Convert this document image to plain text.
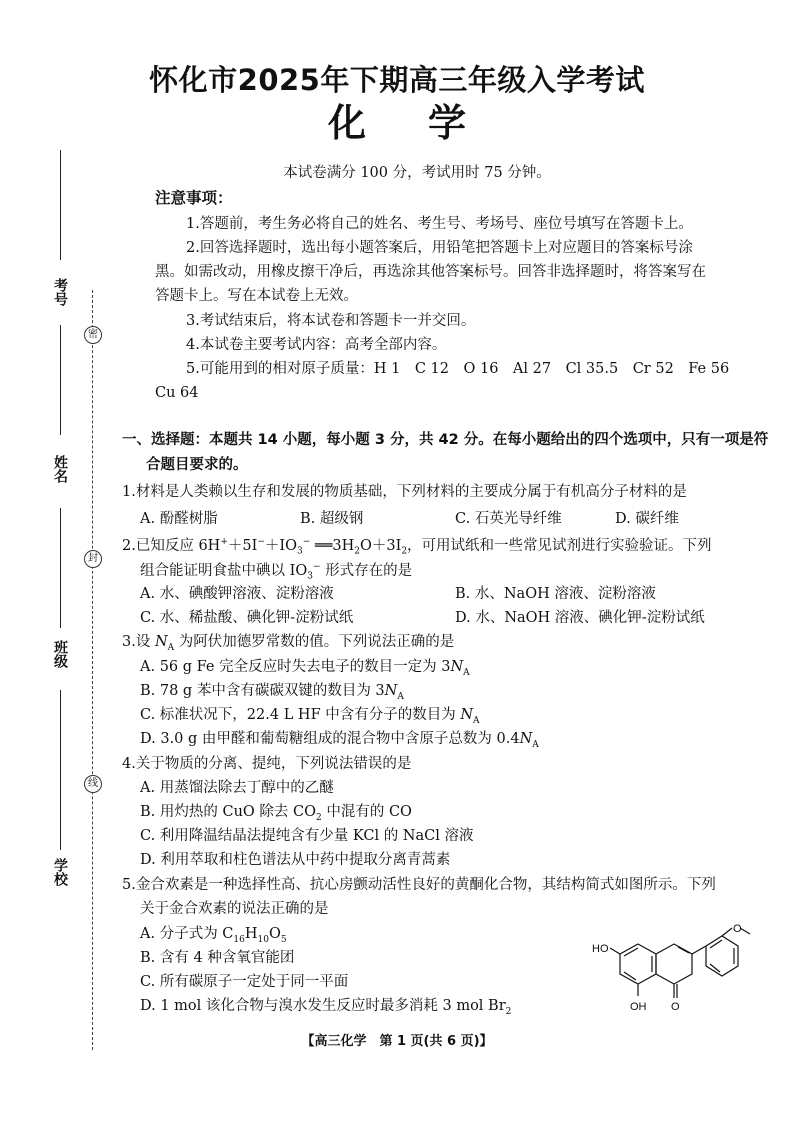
怀化市2025年下期高三年级入学考试
化学
考号
姓名
班级
学校
密
封
线
本试卷满分 100 分，考试用时 75 分钟。
注意事项：
1.答题前，考生务必将自己的姓名、考生号、考场号、座位号填写在答题卡上。
2.回答选择题时，选出每小题答案后，用铅笔把答题卡上对应题目的答案标号涂
黑。如需改动，用橡皮擦干净后，再选涂其他答案标号。回答非选择题时，将答案写在
答题卡上。写在本试卷上无效。
3.考试结束后，将本试卷和答题卡一并交回。
4.本试卷主要考试内容：高考全部内容。
5.可能用到的相对原子质量：H 1　C 12　O 16　Al 27　Cl 35.5　Cr 52　Fe 56
Cu 64
一、选择题：本题共 14 小题，每小题 3 分，共 42 分。在每小题给出的四个选项中，只有一项是符
合题目要求的。
1.材料是人类赖以生存和发展的物质基础，下列材料的主要成分属于有机高分子材料的是
A. 酚醛树脂	B. 超级钢	C. 石英光导纤维	D. 碳纤维
2.已知反应 $6H^++5I^-+IO_3^-$ $══3H_2O+3I_2$，可用试纸和一些常见试剂进行实验验证。下列
组合能证明食盐中碘以 $IO_3^-$ 形式存在的是
A. 水、碘酸钾溶液、淀粉溶液	B. 水、NaOH 溶液、淀粉溶液
C. 水、稀盐酸、碘化钾-淀粉试纸	D. 水、NaOH 溶液、碘化钾-淀粉试纸
3.设 $N_A$ 为阿伏加德罗常数的值。下列说法正确的是
A. 56 g Fe 完全反应时失去电子的数目一定为 $3N_A$
B. 78 g 苯中含有碳碳双键的数目为 $3N_A$
C. 标准状况下，22.4 L HF 中含有分子的数目为 $N_A$
D. 3.0 g 由甲醛和葡萄糖组成的混合物中含原子总数为 $0.4N_A$
4.关于物质的分离、提纯，下列说法错误的是
A. 用蒸馏法除去丁醇中的乙醚
B. 用灼热的 CuO 除去 $CO_2$ 中混有的 CO
C. 利用降温结晶法提纯含有少量 KCl 的 NaCl 溶液
D. 利用萃取和柱色谱法从中药中提取分离青蒿素
5.金合欢素是一种选择性高、抗心房颤动活性良好的黄酮化合物，其结构简式如图所示。下列
关于金合欢素的说法正确的是
A. 分子式为 $C_{16}H_{10}O_5$
B. 含有 4 种含氧官能团
C. 所有碳原子一定处于同一平面
D. 1 mol 该化合物与溴水发生反应时最多消耗 3 mol $Br_2$
HO
OH O
O
【高三化学　第 1 页(共 6 页)】
